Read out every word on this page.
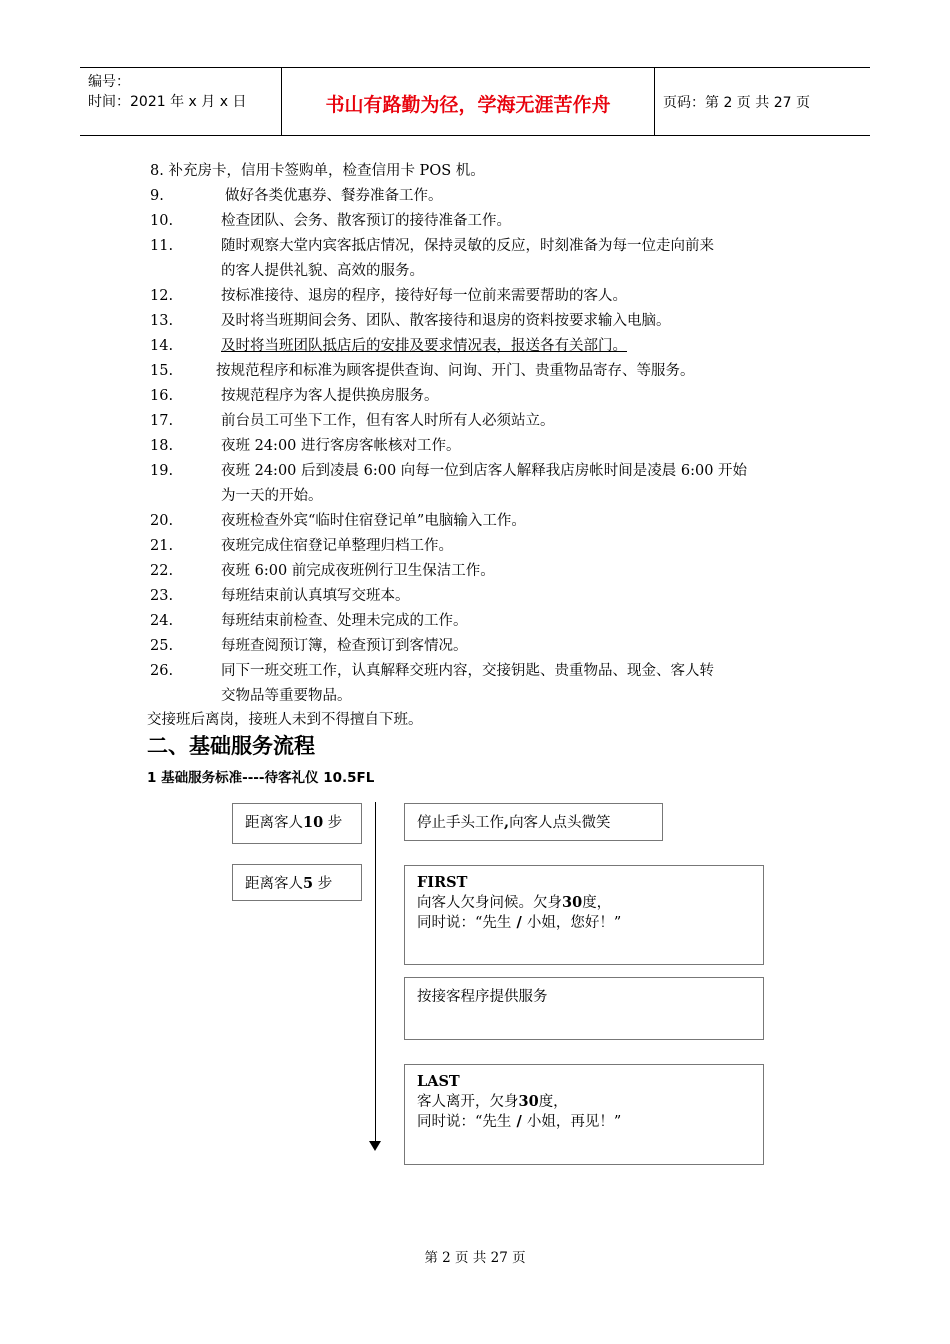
编号：
时间：2021 年 x 月 x 日	书山有路勤为径，学海无涯苦作舟	页码：第 2 页 共 27 页
8. 补充房卡，信用卡签购单，检查信用卡 POS 机。
9.	做好各类优惠券、餐券准备工作。
10.	检查团队、会务、散客预订的接待准备工作。
11.	随时观察大堂内宾客抵店情况，保持灵敏的反应，时刻准备为每一位走向前来
的客人提供礼貌、高效的服务。
12.	按标准接待、退房的程序，接待好每一位前来需要帮助的客人。
13.	及时将当班期间会务、团队、散客接待和退房的资料按要求输入电脑。
14.	及时将当班团队抵店后的安排及要求情况表，报送各有关部门。
15.	按规范程序和标准为顾客提供查询、问询、开门、贵重物品寄存、等服务。
16.	按规范程序为客人提供换房服务。
17.	前台员工可坐下工作，但有客人时所有人必须站立。
18.	夜班 24:00 进行客房客帐核对工作。
19.	夜班 24:00 后到凌晨 6:00 向每一位到店客人解释我店房帐时间是凌晨 6:00 开始
为一天的开始。
20.	夜班检查外宾“临时住宿登记单”电脑输入工作。
21.	夜班完成住宿登记单整理归档工作。
22.	夜班 6:00 前完成夜班例行卫生保洁工作。
23.	每班结束前认真填写交班本。
24.	每班结束前检查、处理未完成的工作。
25.	每班查阅预订簿，检查预订到客情况。
26.	同下一班交班工作，认真解释交班内容，交接钥匙、贵重物品、现金、客人转
交物品等重要物品。
交接班后离岗，接班人未到不得擅自下班。
二、基础服务流程
1 基础服务标准----待客礼仪 10.5FL
距离客人10 步
距离客人5 步
停止手头工作,向客人点头微笑
FIRST
向客人欠身问候。欠身30度，
同时说：“先生 / 小姐，您好！”
按接客程序提供服务
LAST
客人离开，欠身30度，
同时说：“先生 / 小姐，再见！”
第 2 页 共 27 页
